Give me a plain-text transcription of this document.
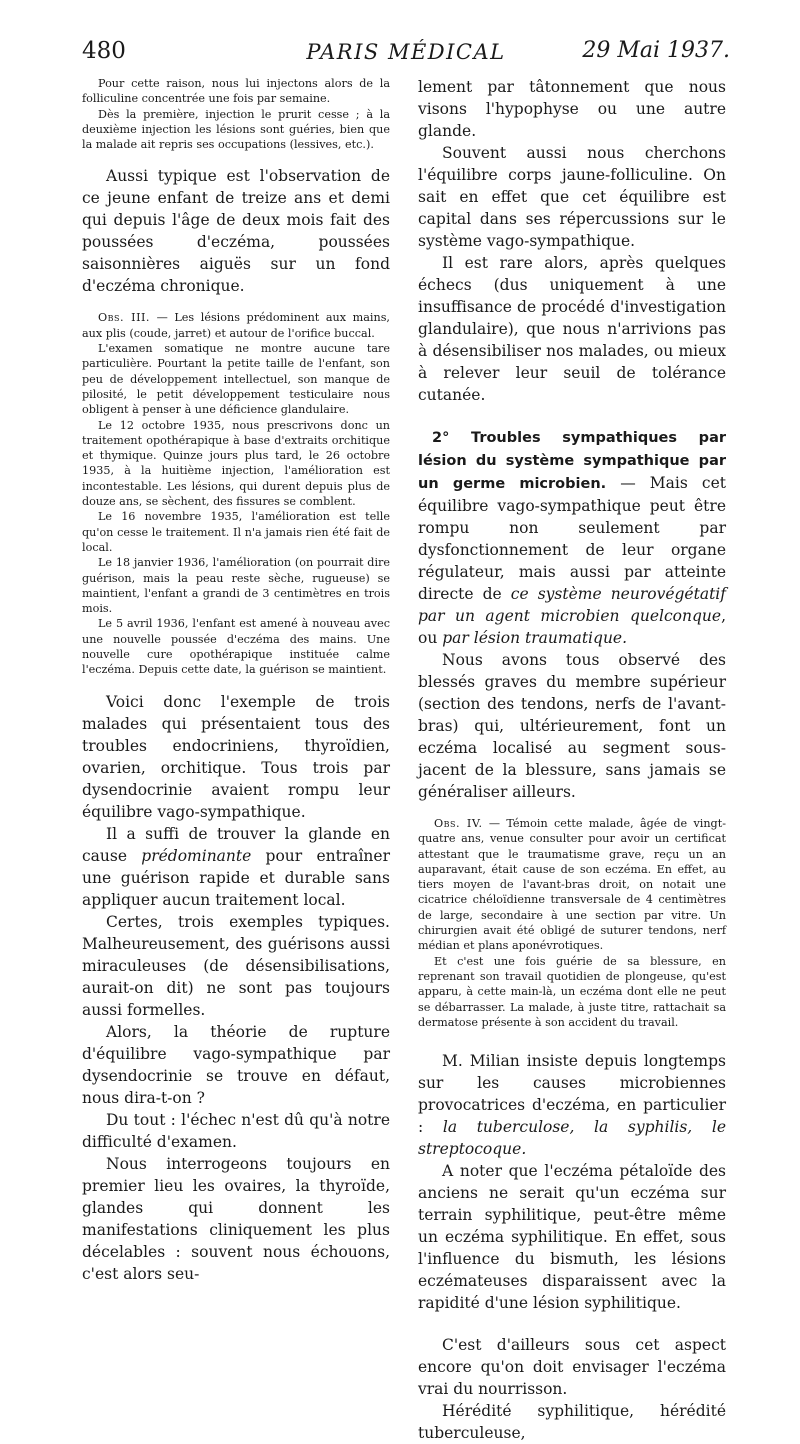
480	PARIS MÉDICAL	29 Mai 1937.

Pour cette raison, nous lui injectons alors de la folliculine concentrée une fois par semaine.

Dès la première, injection le prurit cesse ; à la deuxième injection les lésions sont guéries, bien que la malade ait repris ses occupations (lessives, etc.).

Aussi typique est l'observation de ce jeune enfant de treize ans et demi qui depuis l'âge de deux mois fait des poussées d'eczéma, poussées saisonnières aiguës sur un fond d'eczéma chronique.

Obs. III. — Les lésions prédominent aux mains, aux plis (coude, jarret) et autour de l'orifice buccal.

L'examen somatique ne montre aucune tare particulière. Pourtant la petite taille de l'enfant, son peu de développement intellectuel, son manque de pilosité, le petit développement testiculaire nous obligent à penser à une déficience glandulaire.

Le 12 octobre 1935, nous prescrivons donc un traitement opothérapique à base d'extraits orchitique et thymique. Quinze jours plus tard, le 26 octobre 1935, à la huitième injection, l'amélioration est incontestable. Les lésions, qui durent depuis plus de douze ans, se sèchent, des fissures se comblent.

Le 16 novembre 1935, l'amélioration est telle qu'on cesse le traitement. Il n'a jamais rien été fait de local.

Le 18 janvier 1936, l'amélioration (on pourrait dire guérison, mais la peau reste sèche, rugueuse) se maintient, l'enfant a grandi de 3 centimètres en trois mois.

Le 5 avril 1936, l'enfant est amené à nouveau avec une nouvelle poussée d'eczéma des mains. Une nouvelle cure opothérapique instituée calme l'eczéma. Depuis cette date, la guérison se maintient.

Voici donc l'exemple de trois malades qui présentaient tous des troubles endocriniens, thyroïdien, ovarien, orchitique. Tous trois par dysendocrinie avaient rompu leur équilibre vago-sympathique.

Il a suffi de trouver la glande en cause prédominante pour entraîner une guérison rapide et durable sans appliquer aucun traitement local.

Certes, trois exemples typiques. Malheureusement, des guérisons aussi miraculeuses (de désensibilisations, aurait-on dit) ne sont pas toujours aussi formelles.

Alors, la théorie de rupture d'équilibre vago-sympathique par dysendocrinie se trouve en défaut, nous dira-t-on ?

Du tout : l'échec n'est dû qu'à notre difficulté d'examen.

Nous interrogeons toujours en premier lieu les ovaires, la thyroïde, glandes qui donnent les manifestations cliniquement les plus décelables : souvent nous échouons, c'est alors seu-

lement par tâtonnement que nous visons l'hypophyse ou une autre glande.

Souvent aussi nous cherchons l'équilibre corps jaune-folliculine. On sait en effet que cet équilibre est capital dans ses répercussions sur le système vago-sympathique.

Il est rare alors, après quelques échecs (dus uniquement à une insuffisance de procédé d'investigation glandulaire), que nous n'arrivions pas à désensibiliser nos malades, ou mieux à relever leur seuil de tolérance cutanée.

2° Troubles sympathiques par lésion du système sympathique par un germe microbien. — Mais cet équilibre vago-sympathique peut être rompu non seulement par dysfonctionnement de leur organe régulateur, mais aussi par atteinte directe de ce système neurovégétatif par un agent microbien quelconque, ou par lésion traumatique.

Nous avons tous observé des blessés graves du membre supérieur (section des tendons, nerfs de l'avant-bras) qui, ultérieurement, font un eczéma localisé au segment sous-jacent de la blessure, sans jamais se généraliser ailleurs.

Obs. IV. — Témoin cette malade, âgée de vingt-quatre ans, venue consulter pour avoir un certificat attestant que le traumatisme grave, reçu un an auparavant, était cause de son eczéma. En effet, au tiers moyen de l'avant-bras droit, on notait une cicatrice chéloïdienne transversale de 4 centimètres de large, secondaire à une section par vitre. Un chirurgien avait été obligé de suturer tendons, nerf médian et plans aponévrotiques.

Et c'est une fois guérie de sa blessure, en reprenant son travail quotidien de plongeuse, qu'est apparu, à cette main-là, un eczéma dont elle ne peut se débarrasser. La malade, à juste titre, rattachait sa dermatose présente à son accident du travail.

M. Milian insiste depuis longtemps sur les causes microbiennes provocatrices d'eczéma, en particulier : la tuberculose, la syphilis, le streptocoque.

A noter que l'eczéma pétaloïde des anciens ne serait qu'un eczéma sur terrain syphilitique, peut-être même un eczéma syphilitique. En effet, sous l'influence du bismuth, les lésions eczémateuses disparaissent avec la rapidité d'une lésion syphilitique.

C'est d'ailleurs sous cet aspect encore qu'on doit envisager l'eczéma vrai du nourrisson.

Hérédité syphilitique, hérédité tuberculeuse,
